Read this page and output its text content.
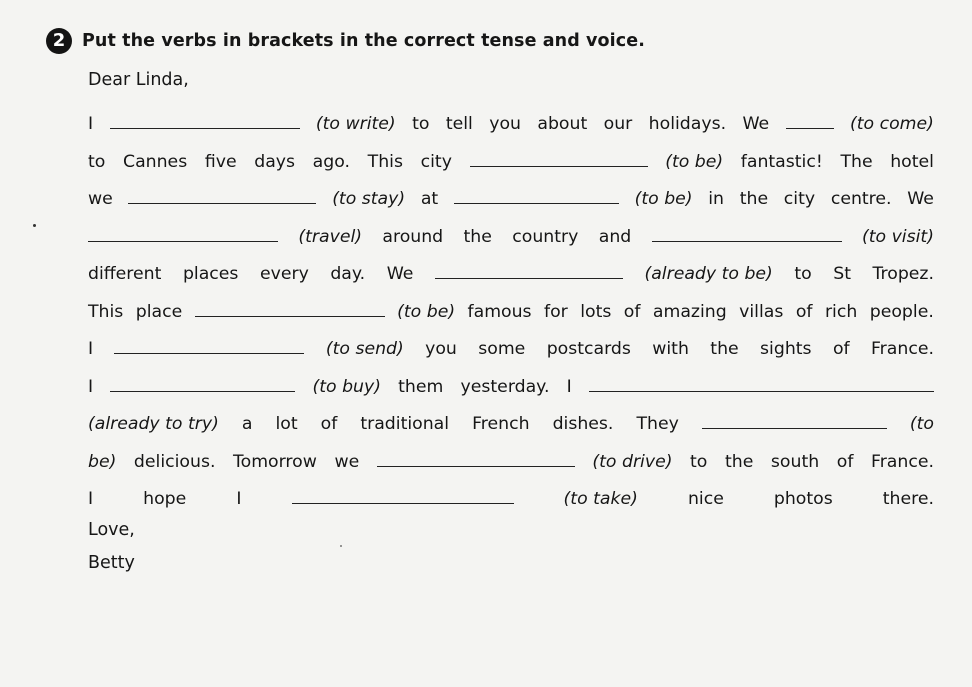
2 Put the verbs in brackets in the correct tense and voice.
Dear Linda,
I	(to write) to tell you about our holidays. We	(to come)
to Cannes five days ago. This city	(to be) fantastic! The hotel
we	(to stay) at	(to be) in the city centre. We
(travel) around the country and	(to visit)
different places every day. We	(already to be) to St Tropez.
This place	(to be) famous for lots of amazing villas of rich people.
I	(to send) you some postcards with the sights of France.
I	(to buy) them yesterday. I
(already to try) a lot of traditional French dishes. They	(to
be) delicious. Tomorrow we	(to drive) to the south of France.
I	hope	I	(to take)	nice	photos	there.
Love,
Betty
